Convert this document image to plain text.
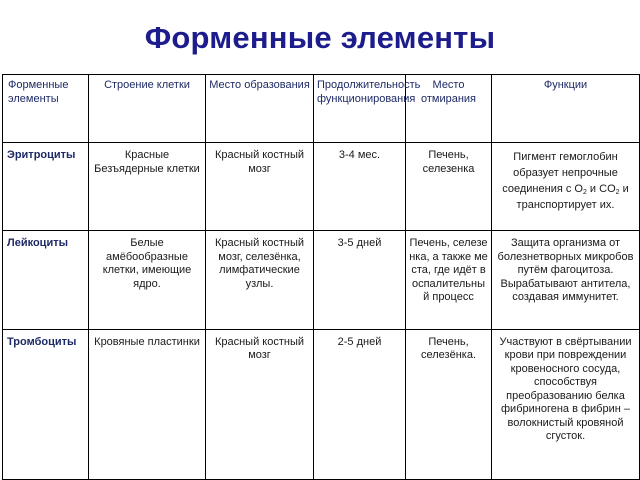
Форменные элементы
Форменные элементы	Строение клетки	Место образования	Продолжительность функционирования	Место отмирания	Функции
Эритроциты	Красные Безъядерные клетки	Красный костный мозг	3-4 мес.	Печень, селезенка	Пигмент гемоглобин образует непрочные соединения с $O_2$ и $CO_2$ и транспортирует их.
Лейкоциты	Белые амёбообразные клетки, имеющие ядро.	Красный костный мозг, селезёнка, лимфатические узлы.	3-5 дней	Печень, селезенка, а также места, где идёт воспалительный процесс	Защита организма от болезнетворных микробов путём фагоцитоза. Вырабатывают антитела, создавая иммунитет.
Тромбоциты	Кровяные пластинки	Красный костный мозг	2-5 дней	Печень, селезёнка.	Участвуют в свёртывании крови при повреждении кровеносного сосуда, способствуя преобразованию белка фибриногена в фибрин – волокнистый кровяной сгусток.
